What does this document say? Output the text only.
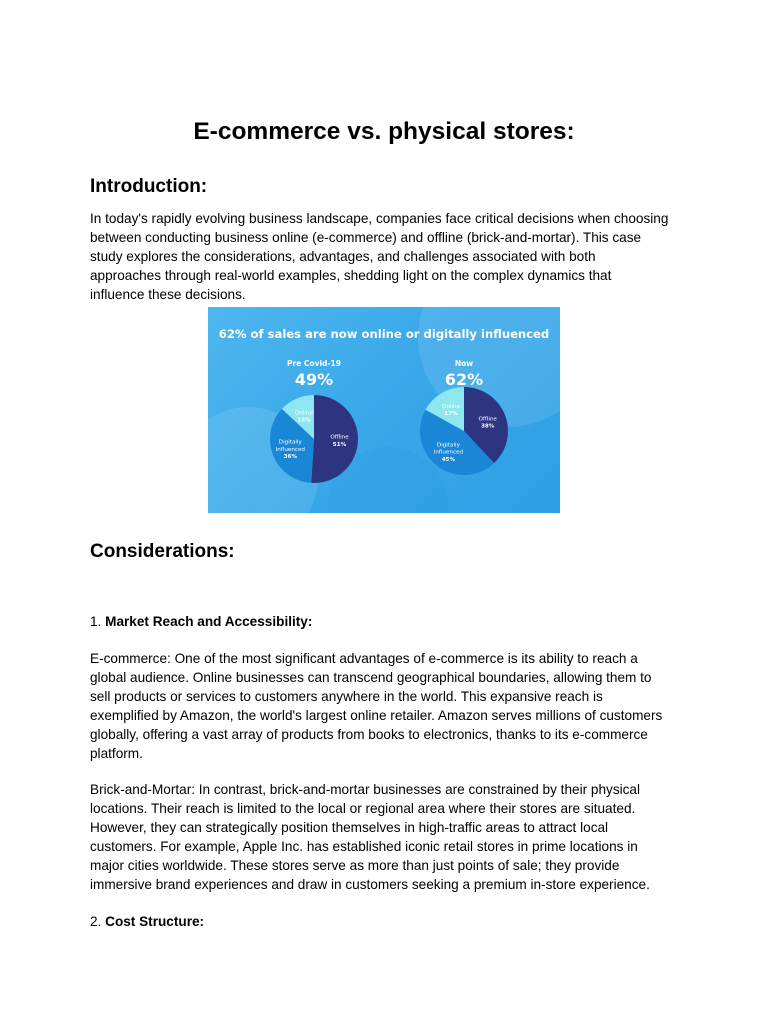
E-commerce vs. physical stores:
Introduction:
In today's rapidly evolving business landscape, companies face critical decisions when choosing
between conducting business online (e-commerce) and offline (brick-and-mortar). This case
study explores the considerations, advantages, and challenges associated with both
approaches through real-world examples, shedding light on the complex dynamics that
influence these decisions.
62% of sales are now online or digitally influenced
Pre Covid-19
49%
Now
62%
Offline 51%
Digitally Influenced 36%
Online 13%	Offline 38%
Digitally Influenced 45%
Online 17%
Considerations:
1. Market Reach and Accessibility:
E-commerce: One of the most significant advantages of e-commerce is its ability to reach a
global audience. Online businesses can transcend geographical boundaries, allowing them to
sell products or services to customers anywhere in the world. This expansive reach is
exemplified by Amazon, the world's largest online retailer. Amazon serves millions of customers
globally, offering a vast array of products from books to electronics, thanks to its e-commerce
platform.
Brick-and-Mortar: In contrast, brick-and-mortar businesses are constrained by their physical
locations. Their reach is limited to the local or regional area where their stores are situated.
However, they can strategically position themselves in high-traffic areas to attract local
customers. For example, Apple Inc. has established iconic retail stores in prime locations in
major cities worldwide. These stores serve as more than just points of sale; they provide
immersive brand experiences and draw in customers seeking a premium in-store experience.
2. Cost Structure:
